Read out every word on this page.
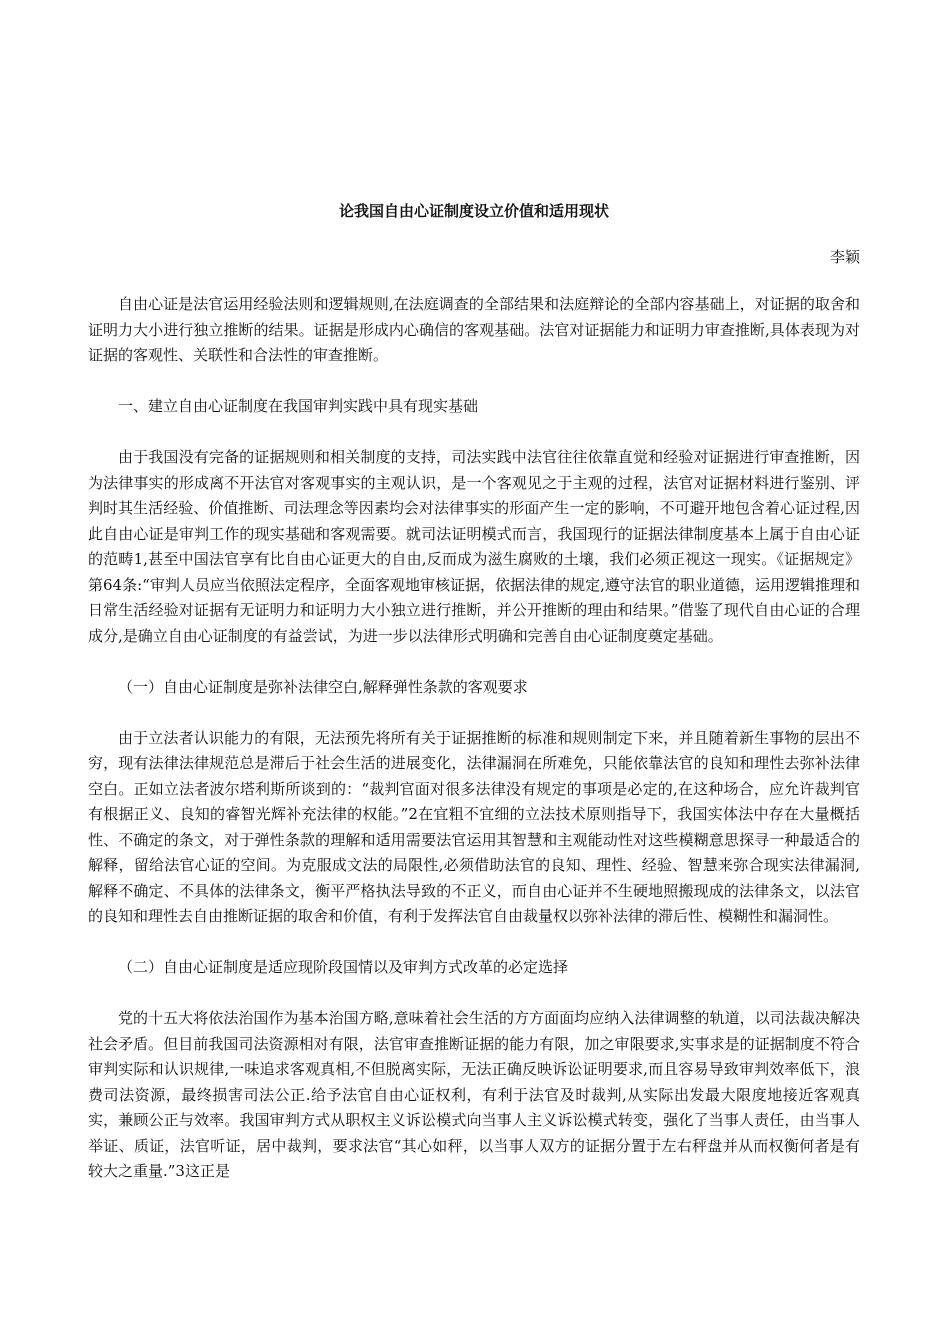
论我国自由心证制度设立价值和适用现状
李颖

自由心证是法官运用经验法则和逻辑规则,在法庭调查的全部结果和法庭辩论的全部内容基础上，对证据的取舍和证明力大小进行独立推断的结果。证据是形成内心确信的客观基础。法官对证据能力和证明力审查推断,具体表现为对证据的客观性、关联性和合法性的审查推断。

一、建立自由心证制度在我国审判实践中具有现实基础

由于我国没有完备的证据规则和相关制度的支持，司法实践中法官往往依靠直觉和经验对证据进行审查推断，因为法律事实的形成离不开法官对客观事实的主观认识，是一个客观见之于主观的过程，法官对证据材料进行鉴别、评判时其生活经验、价值推断、司法理念等因素均会对法律事实的形面产生一定的影响，不可避开地包含着心证过程,因此自由心证是审判工作的现实基础和客观需要。就司法证明模式而言，我国现行的证据法律制度基本上属于自由心证的范畴1,甚至中国法官享有比自由心证更大的自由,反而成为滋生腐败的土壤，我们必须正视这一现实。《证据规定》第64条:“审判人员应当依照法定程序，全面客观地审核证据，依据法律的规定,遵守法官的职业道德，运用逻辑推理和日常生活经验对证据有无证明力和证明力大小独立进行推断，并公开推断的理由和结果。”借鉴了现代自由心证的合理成分,是确立自由心证制度的有益尝试，为进一步以法律形式明确和完善自由心证制度奠定基础。

（一）自由心证制度是弥补法律空白,解释弹性条款的客观要求

由于立法者认识能力的有限，无法预先将所有关于证据推断的标准和规则制定下来，并且随着新生事物的层出不穷，现有法律法律规范总是滞后于社会生活的进展变化，法律漏洞在所难免，只能依靠法官的良知和理性去弥补法律空白。正如立法者波尔塔利斯所谈到的：“裁判官面对很多法律没有规定的事项是必定的,在这种场合，应允许裁判官有根据正义、良知的睿智光辉补充法律的权能。”2在宜粗不宜细的立法技术原则指导下，我国实体法中存在大量概括性、不确定的条文，对于弹性条款的理解和适用需要法官运用其智慧和主观能动性对这些模糊意思探寻一种最适合的解释，留给法官心证的空间。为克服成文法的局限性,必须借助法官的良知、理性、经验、智慧来弥合现实法律漏洞,解释不确定、不具体的法律条文，衡平严格执法导致的不正义，而自由心证并不生硬地照搬现成的法律条文，以法官的良知和理性去自由推断证据的取舍和价值，有利于发挥法官自由裁量权以弥补法律的滞后性、模糊性和漏洞性。

（二）自由心证制度是适应现阶段国情以及审判方式改革的必定选择

党的十五大将依法治国作为基本治国方略,意味着社会生活的方方面面均应纳入法律调整的轨道，以司法裁决解决社会矛盾。但目前我国司法资源相对有限，法官审查推断证据的能力有限，加之审限要求,实事求是的证据制度不符合审判实际和认识规律,一味追求客观真相,不但脱离实际，无法正确反映诉讼证明要求,而且容易导致审判效率低下，浪费司法资源，最终损害司法公正.给予法官自由心证权利，有利于法官及时裁判,从实际出发最大限度地接近客观真实，兼顾公正与效率。我国审判方式从职权主义诉讼模式向当事人主义诉讼模式转变，强化了当事人责任，由当事人举证、质证，法官听证，居中裁判，要求法官“其心如秤，以当事人双方的证据分置于左右秤盘并从而权衡何者是有较大之重量.”3这正是
